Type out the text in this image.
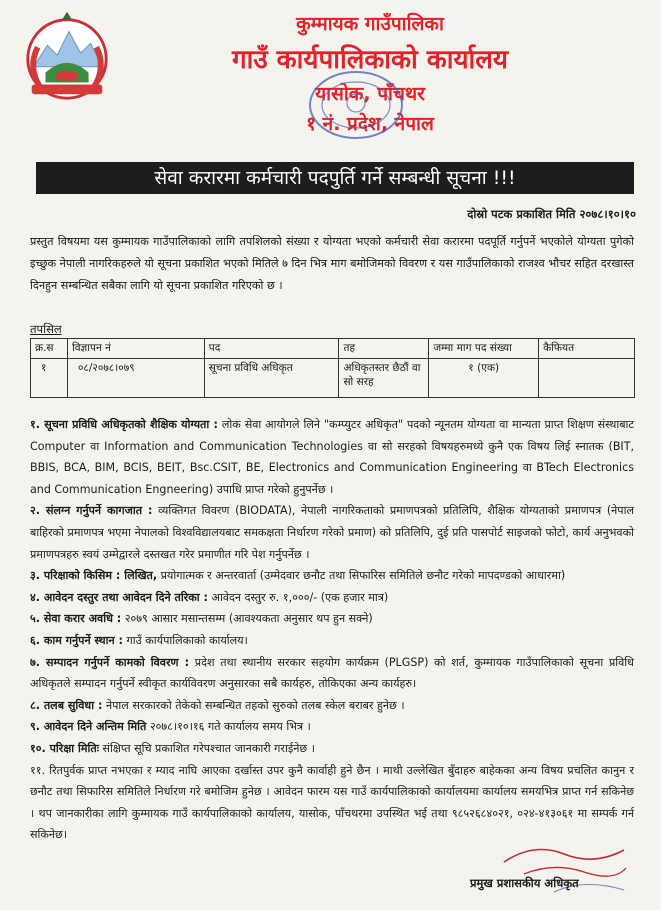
कुम्मायक गाउँपालिका
गाउँ कार्यपालिकाको कार्यालय
यासोक, पाँचथर
१ नं. प्रदेश, नेपाल
सेवा करारमा कर्मचारी पदपुर्ति गर्ने सम्बन्धी सूचना !!!
दोस्रो पटक प्रकाशित मिति २०७८।१०।१०
प्रस्तुत विषयमा यस कुम्मायक गाउँपालिकाको लागि तपशिलको संख्या र योग्यता भएको कर्मचारी सेवा करारमा पदपूर्ति गर्नुपर्ने भएकोले योग्यता पुगेको इच्छुक नेपाली नागरिकहरुले यो सूचना प्रकाशित भएको मितिले ७ दिन भित्र माग बमोजिमको विवरण र यस गाउँपालिकाको राजश्व भौचर सहित दरखास्त दिनहुन सम्बन्धित सबैका लागि यो सूचना प्रकाशित गरिएको छ ।
तपसिल
क्र.स	विज्ञापन नं	पद	तह	जम्मा माग पद संख्या	कैफियत
१	०८/२०७८।०७९	सूचना प्रविधि अधिकृत	अधिकृतस्तर छैठौं वा सो सरह	१ (एक)	

१. सूचना प्रविधि अधिकृतको शैक्षिक योग्यता : लोक सेवा आयोगले लिने "कम्प्युटर अधिकृत" पदको न्यूनतम योग्यता वा मान्यता प्राप्त शिक्षण संस्थाबाट Computer वा Information and Communication Technologies वा सो सरहको विषयहरुमध्ये कुनै एक विषय लिई स्नातक (BIT, BBIS, BCA, BIM, BCIS, BEIT, Bsc.CSIT, BE, Electronics and Communication Engineering वा BTech Electronics and Communication Engneering) उपाधि प्राप्त गरेको हुनुपर्नेछ ।

२. संलग्न गर्नुपर्ने कागजात : व्यक्तिगत विवरण (BIODATA), नेपाली नागरिकताको प्रमाणपत्रको प्रतिलिपि, शैक्षिक योग्यताको प्रमाणपत्र (नेपाल बाहिरको प्रमाणपत्र भएमा नेपालको विश्वविद्यालयबाट समकक्षता निर्धारण गरेको प्रमाण) को प्रतिलिपि, दुई प्रति पासपोर्ट साइजको फोटो, कार्य अनुभवको प्रमाणपत्रहरु स्वयं उम्मेद्वारले दस्तखत गरेर प्रमाणीत गरि पेश गर्नुपर्नेछ ।

३. परिक्षाको किसिम : लिखित, प्रयोगात्मक र अन्तरवार्ता (उम्मेदवार छनौट तथा सिफारिस समितिले छनौट गरेको मापदण्डको आधारमा)

४. आवेदन दस्तुर तथा आवेदन दिने तरिका : आवेदन दस्तुर रु. १,०००/- (एक हजार मात्र)

५. सेवा करार अवधि : २०७९ आसार मसान्तसम्म (आवश्यकता अनुसार थप हुन सक्ने)

६. काम गर्नुपर्ने स्थान : गाउँ कार्यपालिकाको कार्यालय।

७. सम्पादन गर्नुपर्ने कामको विवरण : प्रदेश तथा स्थानीय सरकार सहयोग कार्यक्रम (PLGSP) को शर्त, कुम्मायक गाउँपालिकाको सूचना प्रविधि अधिकृतले सम्पादन गर्नुपर्ने स्वीकृत कार्यविवरण अनुसारका सबै कार्यहरु, तोकिएका अन्य कार्यहरु।

८. तलब सुविधा : नेपाल सरकारको तेकेको सम्बन्धित तहको सुरुको तलब स्केल बराबर हुनेछ ।

९. आवेदन दिने अन्तिम मिति २०७८।१०।१६ गते कार्यालय समय भित्र ।

१०. परिक्षा मितिः संक्षिप्त सूचि प्रकाशित गरेपश्चात जानकारी गराईनेछ ।

११. रितपुर्वक प्राप्त नभएका र म्याद नाघि आएका दर्खास्त उपर कुनै कार्वाही हुने छैन । माथी उल्लेखित बुँदाहरु बाहेकका अन्य विषय प्रचलित कानुन र छनौट तथा सिफारिस समितिले निर्धारण गरे बमोजिम हुनेछ । आवेदन फारम यस गाउँ कार्यपालिकाको कार्यालयमा कार्यालय समयभित्र प्राप्त गर्न सकिनेछ । थप जानकारीका लागि कुम्मायक गाउँ कार्यपालिकाको कार्यालय, यासोक, पाँचथरमा उपस्थित भई तथा ९८५२६८४०२१, ०२४-४१३०६१ मा सम्पर्क गर्न सकिनेछ।

प्रमुख प्रशासकीय अधिकृत
